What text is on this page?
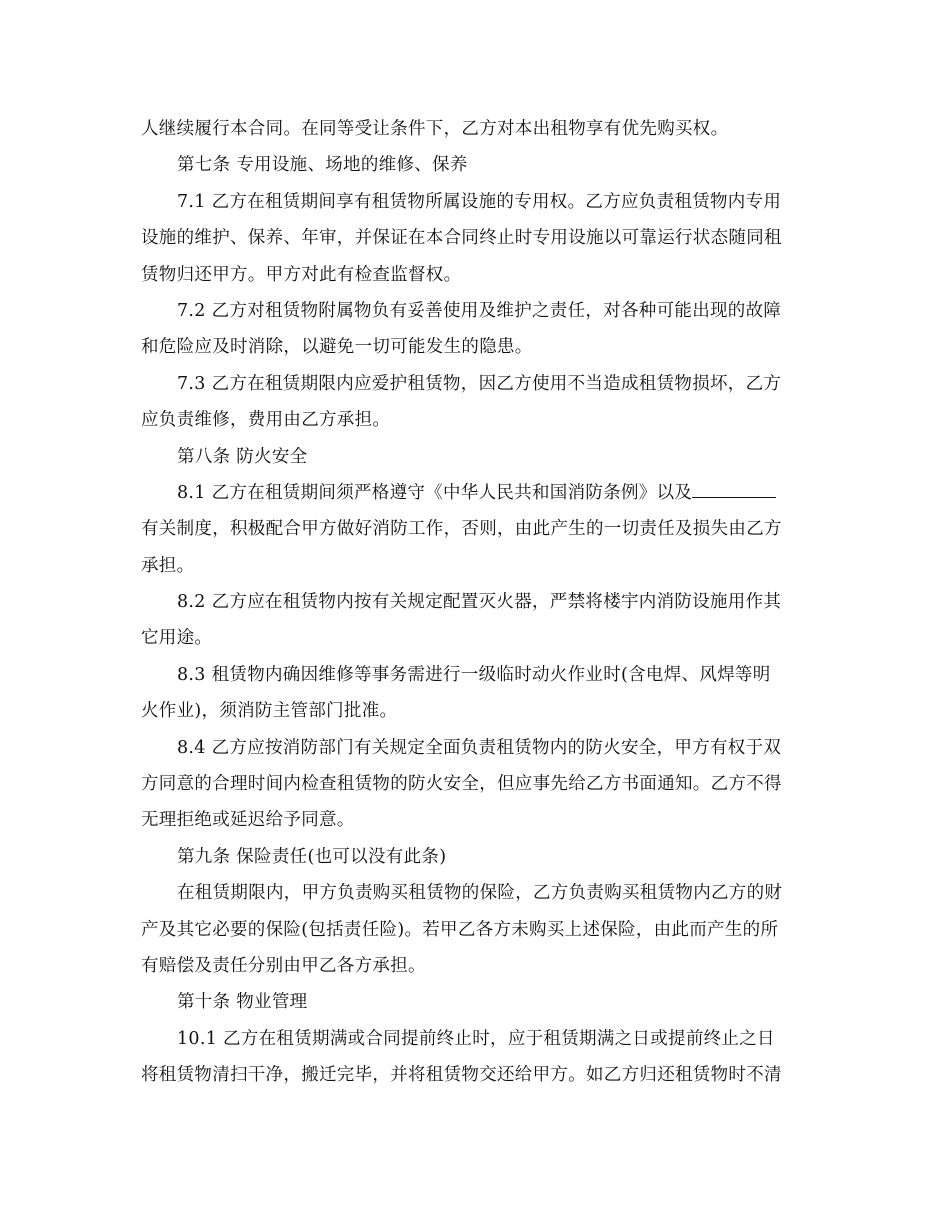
人继续履行本合同。在同等受让条件下，乙方对本出租物享有优先购买权。
第七条 专用设施、场地的维修、保养
7.1 乙方在租赁期间享有租赁物所属设施的专用权。乙方应负责租赁物内专用
设施的维护、保养、年审，并保证在本合同终止时专用设施以可靠运行状态随同租
赁物归还甲方。甲方对此有检查监督权。
7.2 乙方对租赁物附属物负有妥善使用及维护之责任，对各种可能出现的故障
和危险应及时消除，以避免一切可能发生的隐患。
7.3 乙方在租赁期限内应爱护租赁物，因乙方使用不当造成租赁物损坏，乙方
应负责维修，费用由乙方承担。
第八条 防火安全
8.1 乙方在租赁期间须严格遵守《中华人民共和国消防条例》以及
有关制度，积极配合甲方做好消防工作，否则，由此产生的一切责任及损失由乙方
承担。
8.2 乙方应在租赁物内按有关规定配置灭火器，严禁将楼宇内消防设施用作其
它用途。
8.3 租赁物内确因维修等事务需进行一级临时动火作业时(含电焊、风焊等明
火作业)，须消防主管部门批准。
8.4 乙方应按消防部门有关规定全面负责租赁物内的防火安全，甲方有权于双
方同意的合理时间内检查租赁物的防火安全，但应事先给乙方书面通知。乙方不得
无理拒绝或延迟给予同意。
第九条 保险责任(也可以没有此条)
在租赁期限内，甲方负责购买租赁物的保险，乙方负责购买租赁物内乙方的财
产及其它必要的保险(包括责任险)。若甲乙各方未购买上述保险，由此而产生的所
有赔偿及责任分别由甲乙各方承担。
第十条 物业管理
10.1 乙方在租赁期满或合同提前终止时，应于租赁期满之日或提前终止之日
将租赁物清扫干净，搬迁完毕，并将租赁物交还给甲方。如乙方归还租赁物时不清
